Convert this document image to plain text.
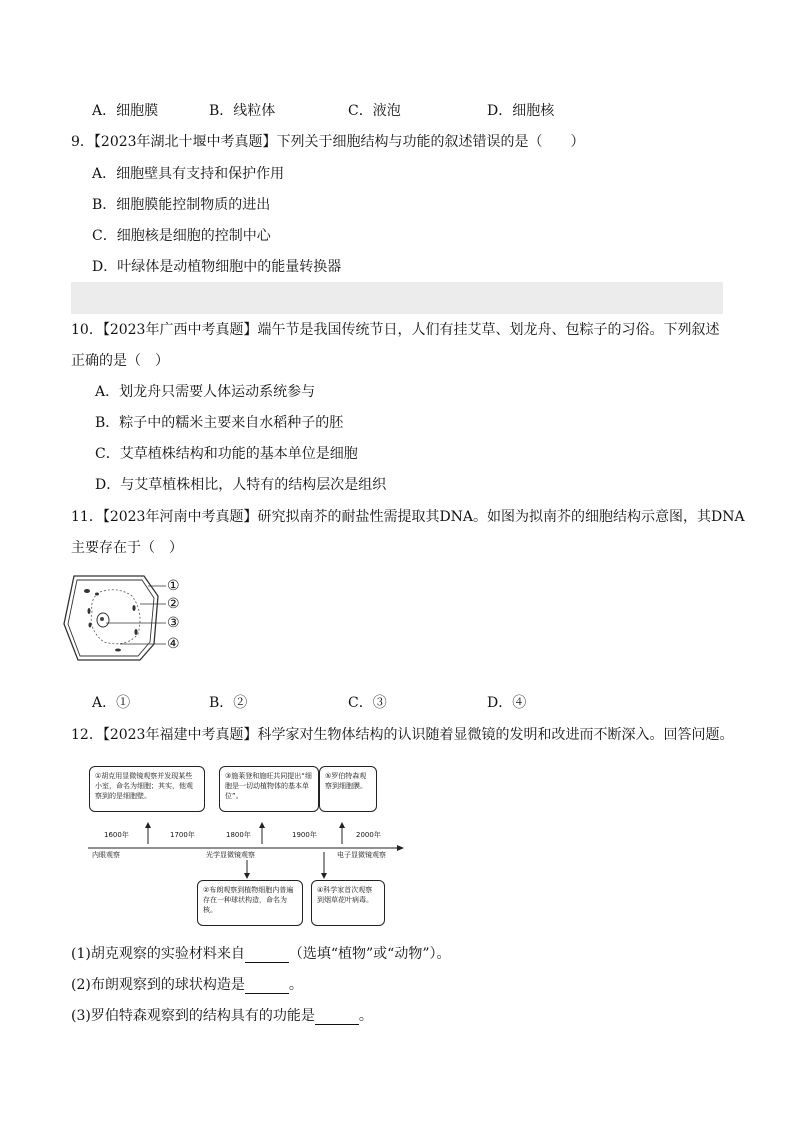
A．细胞膜	B．线粒体	C．液泡	D．细胞核
9．【2023年湖北十堰中考真题】下列关于细胞结构与功能的叙述错误的是（　　）
A．细胞壁具有支持和保护作用
B．细胞膜能控制物质的进出
C．细胞核是细胞的控制中心
D．叶绿体是动植物细胞中的能量转换器
10．【2023年广西中考真题】端午节是我国传统节日，人们有挂艾草、划龙舟、包粽子的习俗。下列叙述
正确的是（　）
A．划龙舟只需要人体运动系统参与
B．粽子中的糯米主要来自水稻种子的胚
C．艾草植株结构和功能的基本单位是细胞
D．与艾草植株相比，人特有的结构层次是组织
11．【2023年河南中考真题】研究拟南芥的耐盐性需提取其DNA。如图为拟南芥的细胞结构示意图，其DNA
主要存在于（　）
①
②
③
④
A．①	B．②	C．③	D．④
12．【2023年福建中考真题】科学家对生物体结构的认识随着显微镜的发明和改进而不断深入。回答问题。
①胡克用显微镜观察并发现某些小室，命名为细胞；其实，他观察到的是细胞壁。
③施莱登和施旺共同提出“细胞是一切动植物体的基本单位”。
⑤罗伯特森观察到细胞膜。
1600年	1700年	1800年	1900年	2000年
内眼观察	光学显微镜观察	电子显微镜观察
②布朗观察到植物细胞内普遍存在一种球状构造，命名为核。
④科学家首次观察到烟草花叶病毒。
(1)胡克观察的实验材料来自	（选填“植物”或“动物”）。
(2)布朗观察到的球状构造是	。
(3)罗伯特森观察到的结构具有的功能是	。
